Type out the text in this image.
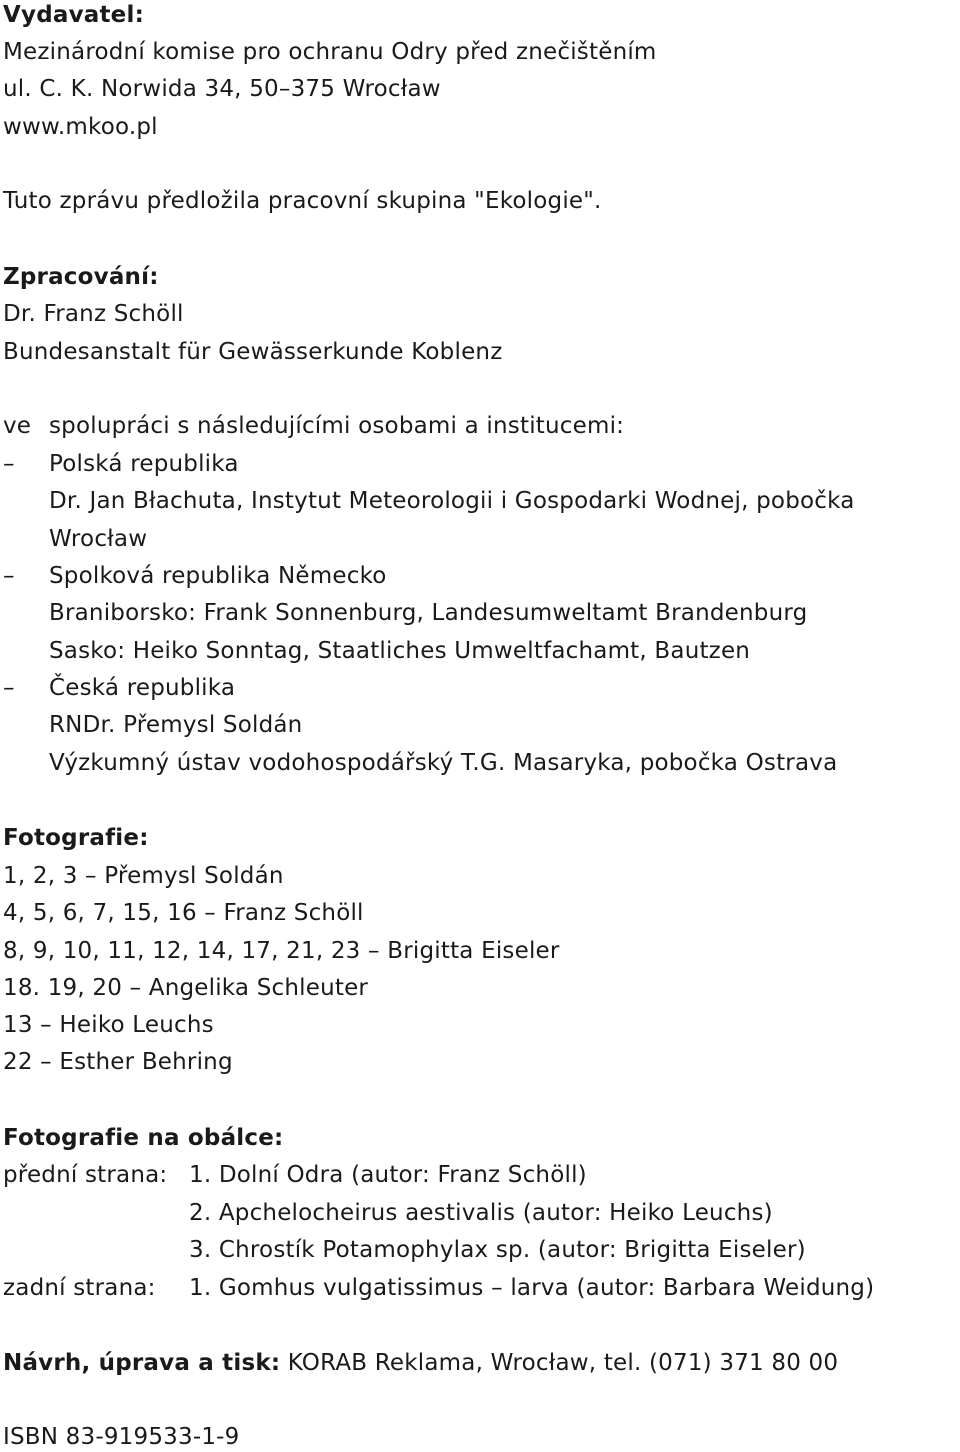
Vydavatel:
Mezinárodní komise pro ochranu Odry před znečištěním
ul. C. K. Norwida 34, 50–375 Wrocław
www.mkoo.pl
Tuto zprávu předložila pracovní skupina "Ekologie".
Zpracování:
Dr. Franz Schöll
Bundesanstalt für Gewässerkunde Koblenz
ve spolupráci s následujícími osobami a institucemi:
– Polská republika
Dr. Jan Błachuta, Instytut Meteorologii i Gospodarki Wodnej, pobočka
Wrocław
– Spolková republika Německo
Braniborsko: Frank Sonnenburg, Landesumweltamt Brandenburg
Sasko: Heiko Sonntag, Staatliches Umweltfachamt, Bautzen
– Česká republika
RNDr. Přemysl Soldán
Výzkumný ústav vodohospodářský T.G. Masaryka, pobočka Ostrava
Fotografie:
1, 2, 3 – Přemysl Soldán
4, 5, 6, 7, 15, 16 – Franz Schöll
8, 9, 10, 11, 12, 14, 17, 21, 23 – Brigitta Eiseler
18. 19, 20 – Angelika Schleuter
13 – Heiko Leuchs
22 – Esther Behring
Fotografie na obálce:
přední strana: 1. Dolní Odra (autor: Franz Schöll)
2. Apchelocheirus aestivalis (autor: Heiko Leuchs)
3. Chrostík Potamophylax sp. (autor: Brigitta Eiseler)
zadní strana: 1. Gomhus vulgatissimus – larva (autor: Barbara Weidung)
Návrh, úprava a tisk: KORAB Reklama, Wrocław, tel. (071) 371 80 00
ISBN 83-919533-1-9
